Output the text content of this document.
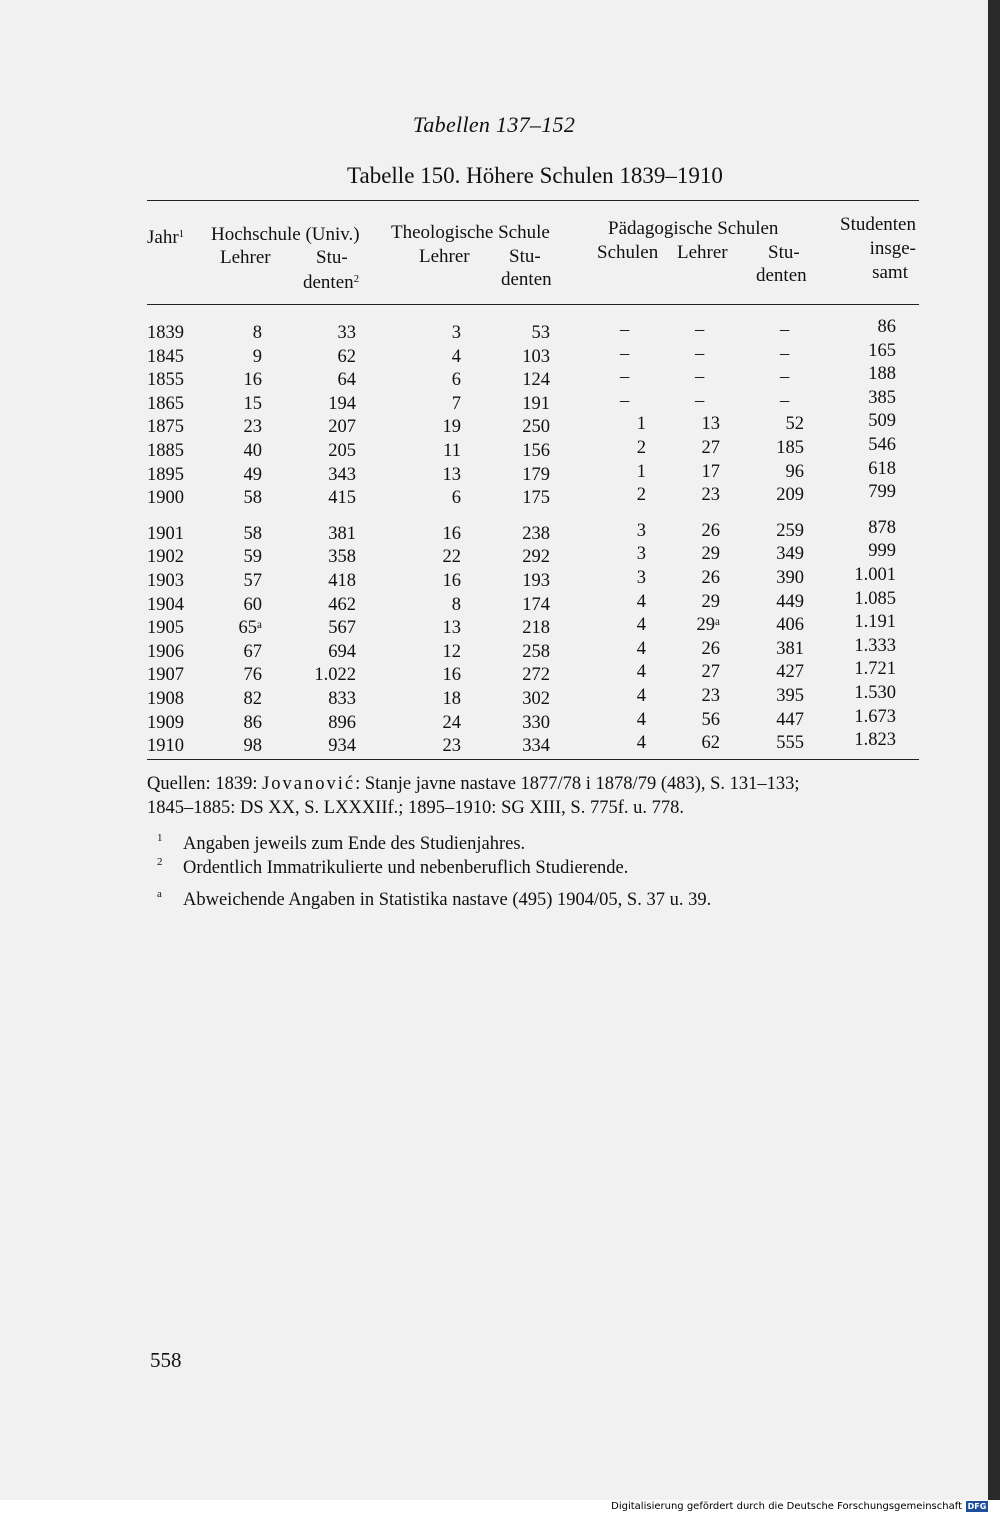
Tabellen 137–152
Tabelle 150. Höhere Schulen 1839–1910
Jahr$^1$ Hochschule (Univ.)
Lehrer Stu-
denten$^2$
Theologische Schule
Lehrer Stu-
denten
Pädagogische Schulen
Schulen Lehrer Stu-
denten
Studenten
insge-
samt
1839	8	33	3	53	–	–	–	86
1845	9	62	4	103	–	–	–	165
1855	16	64	6	124	–	–	–	188
1865	15	194	7	191	–	–	–	385
1875	23	207	19	250	1	13	52	509
1885	40	205	11	156	2	27	185	546
1895	49	343	13	179	1	17	96	618
1900	58	415	6	175	2	23	209	799
1901	58	381	16	238	3	26	259	878
1902	59	358	22	292	3	29	349	999
1903	57	418	16	193	3	26	390	1.001
1904	60	462	8	174	4	29	449	1.085
1905	65ᵃ	567	13	218	4	29ᵃ	406	1.191
1906	67	694	12	258	4	26	381	1.333
1907	76	1.022	16	272	4	27	427	1.721
1908	82	833	18	302	4	23	395	1.530
1909	86	896	24	330	4	56	447	1.673
1910	98	934	23	334	4	62	555	1.823
Quellen: 1839: Jovanović: Stanje javne nastave 1877/78 i 1878/79 (483), S. 131–133;
1845–1885: DS XX, S. LXXXIIf.; 1895–1910: SG XIII, S. 775f. u. 778.
1 Angaben jeweils zum Ende des Studienjahres.
2 Ordentlich Immatrikulierte und nebenberuflich Studierende.
a Abweichende Angaben in Statistika nastave (495) 1904/05, S. 37 u. 39.
558
Digitalisierung gefördert durch die Deutsche Forschungsgemeinschaft DFG
